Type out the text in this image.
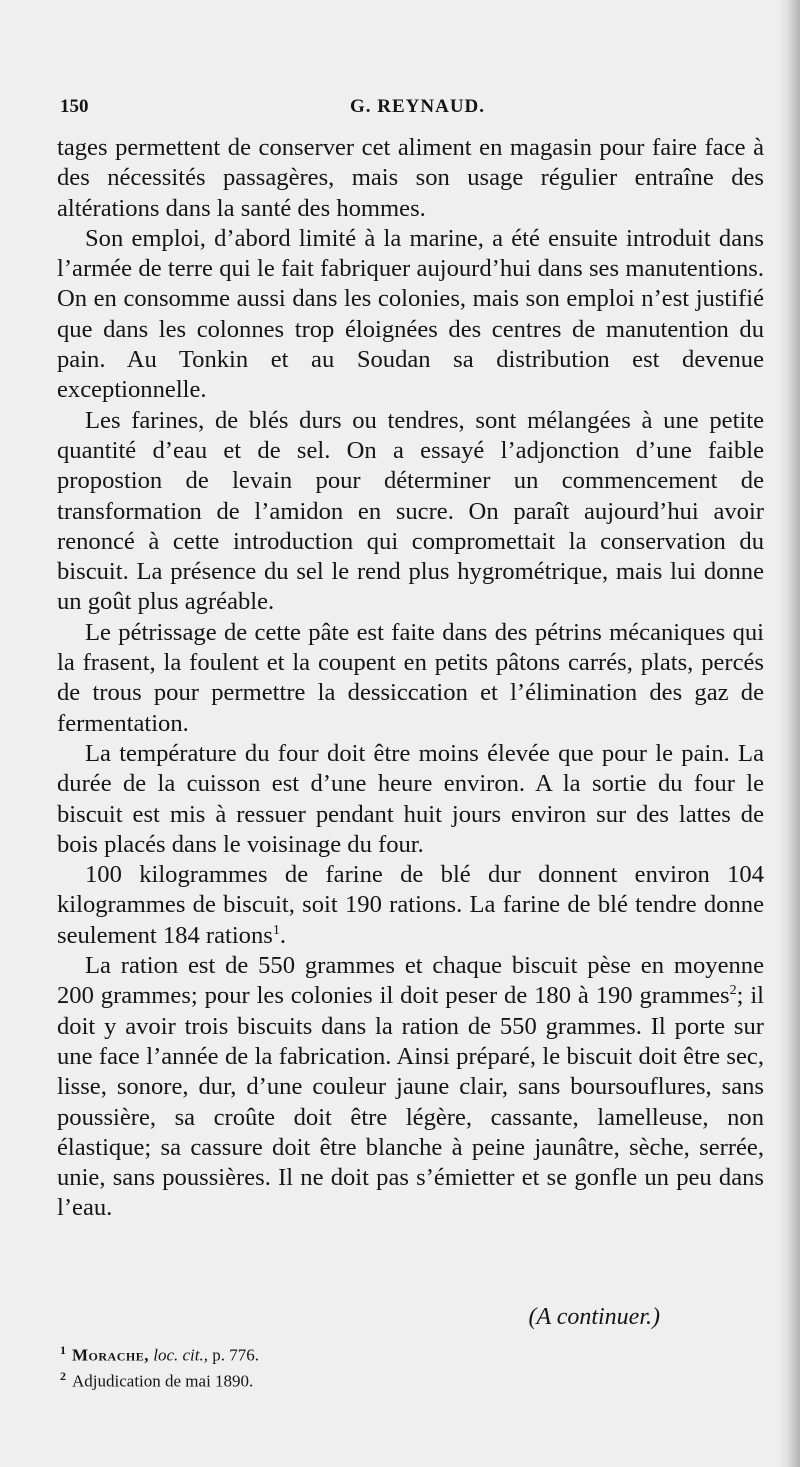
150	G. REYNAUD.

tages permettent de conserver cet aliment en magasin pour faire face à des nécessités passagères, mais son usage régulier entraîne des altérations dans la santé des hommes.

Son emploi, d’abord limité à la marine, a été ensuite introduit dans l’armée de terre qui le fait fabriquer aujourd’hui dans ses manutentions. On en consomme aussi dans les colonies, mais son emploi n’est justifié que dans les colonnes trop éloignées des centres de manutention du pain. Au Tonkin et au Soudan sa distribution est devenue exceptionnelle.

Les farines, de blés durs ou tendres, sont mélangées à une petite quantité d’eau et de sel. On a essayé l’adjonction d’une faible propostion de levain pour déterminer un commencement de transformation de l’amidon en sucre. On paraît aujourd’hui avoir renoncé à cette introduction qui compromettait la conservation du biscuit. La présence du sel le rend plus hygrométrique, mais lui donne un goût plus agréable.

Le pétrissage de cette pâte est faite dans des pétrins mécaniques qui la frasent, la foulent et la coupent en petits pâtons carrés, plats, percés de trous pour permettre la dessiccation et l’élimination des gaz de fermentation.

La température du four doit être moins élevée que pour le pain. La durée de la cuisson est d’une heure environ. A la sortie du four le biscuit est mis à ressuer pendant huit jours environ sur des lattes de bois placés dans le voisinage du four.

100 kilogrammes de farine de blé dur donnent environ 104 kilogrammes de biscuit, soit 190 rations. La farine de blé tendre donne seulement 184 rations$^1$.

La ration est de 550 grammes et chaque biscuit pèse en moyenne 200 grammes; pour les colonies il doit peser de 180 à 190 grammes$^2$; il doit y avoir trois biscuits dans la ration de 550 grammes. Il porte sur une face l’année de la fabrication. Ainsi préparé, le biscuit doit être sec, lisse, sonore, dur, d’une couleur jaune clair, sans boursouflures, sans poussière, sa croûte doit être légère, cassante, lamelleuse, non élastique; sa cassure doit être blanche à peine jaunâtre, sèche, serrée, unie, sans poussières. Il ne doit pas s’émietter et se gonfle un peu dans l’eau.

(A continuer.)
$^1$ Morache, loc. cit., p. 776.
$^2$ Adjudication de mai 1890.
